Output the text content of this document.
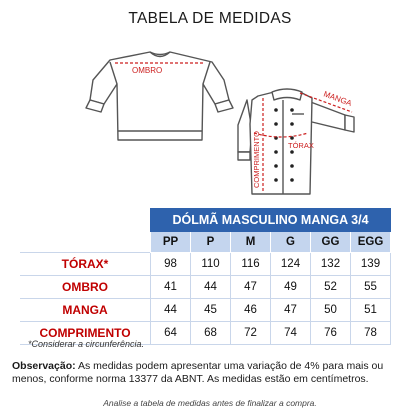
TABELA DE MEDIDAS
OMBRO
MANGA
TÓRAX
COMPRIMENTO
	DÓLMÃ MASCULINO MANGA 3/4					
	PP	P	M	G	GG	EGG
TÓRAX*	98	110	116	124	132	139
OMBRO	41	44	47	49	52	55
MANGA	44	45	46	47	50	51
COMPRIMENTO	64	68	72	74	76	78
*Considerar a circunferência.
Observação: As medidas podem apresentar uma variação de 4% para mais ou menos, conforme norma 13377 da ABNT. As medidas estão em centímetros.
Analise a tabela de medidas antes de finalizar a compra.
